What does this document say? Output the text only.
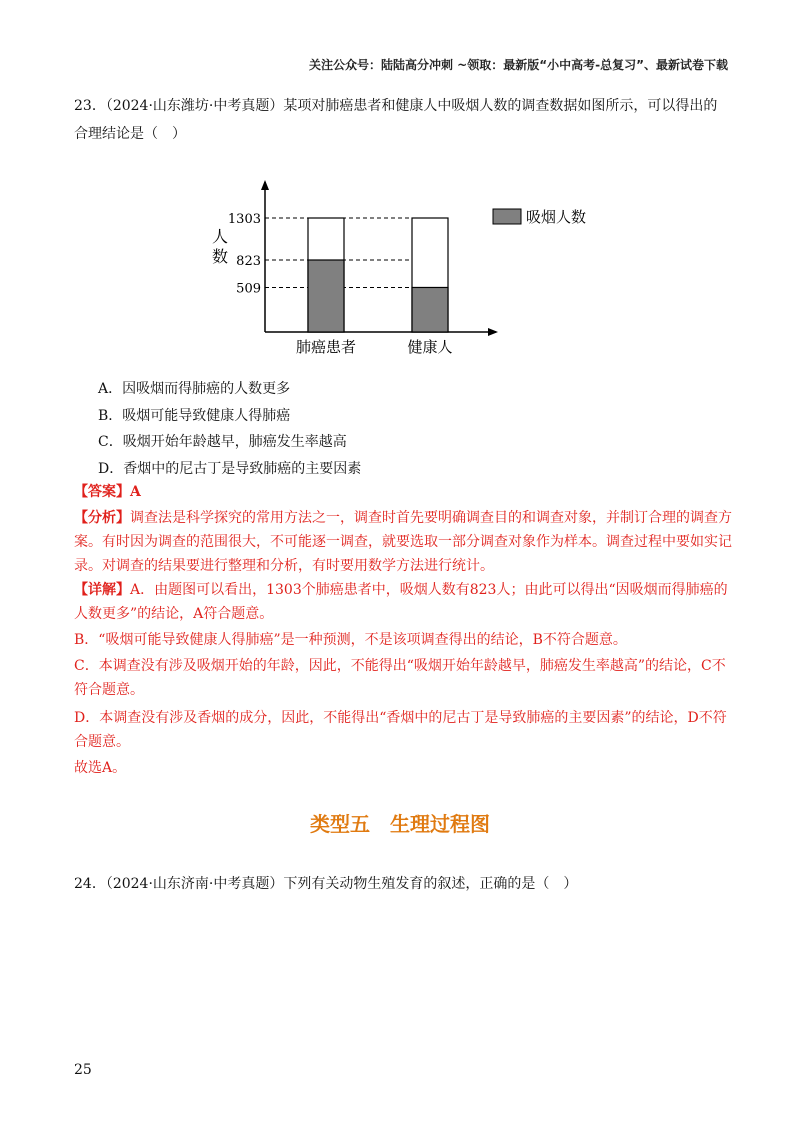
关注公众号：陆陆高分冲刺 ~领取：最新版“小中高考-总复习”、最新试卷下载
23．（2024·山东潍坊·中考真题）某项对肺癌患者和健康人中吸烟人数的调查数据如图所示，可以得出的合理结论是（　）
人
数
509
823
1303
肺癌患者	健康人
吸烟人数
A．因吸烟而得肺癌的人数更多
B．吸烟可能导致健康人得肺癌
C．吸烟开始年龄越早，肺癌发生率越高
D．香烟中的尼古丁是导致肺癌的主要因素
【答案】A
【分析】调查法是科学探究的常用方法之一，调查时首先要明确调查目的和调查对象，并制订合理的调查方案。有时因为调查的范围很大，不可能逐一调查，就要选取一部分调查对象作为样本。调查过程中要如实记录。对调查的结果要进行整理和分析，有时要用数学方法进行统计。
【详解】A．由题图可以看出，1303个肺癌患者中，吸烟人数有823人；由此可以得出“因吸烟而得肺癌的人数更多”的结论，A符合题意。
B．“吸烟可能导致健康人得肺癌”是一种预测，不是该项调查得出的结论，B不符合题意。
C．本调查没有涉及吸烟开始的年龄，因此，不能得出“吸烟开始年龄越早，肺癌发生率越高”的结论，C不符合题意。
D．本调查没有涉及香烟的成分，因此，不能得出“香烟中的尼古丁是导致肺癌的主要因素”的结论，D不符合题意。
故选A。
类型五　生理过程图
24．（2024·山东济南·中考真题）下列有关动物生殖发育的叙述，正确的是（　）
25
